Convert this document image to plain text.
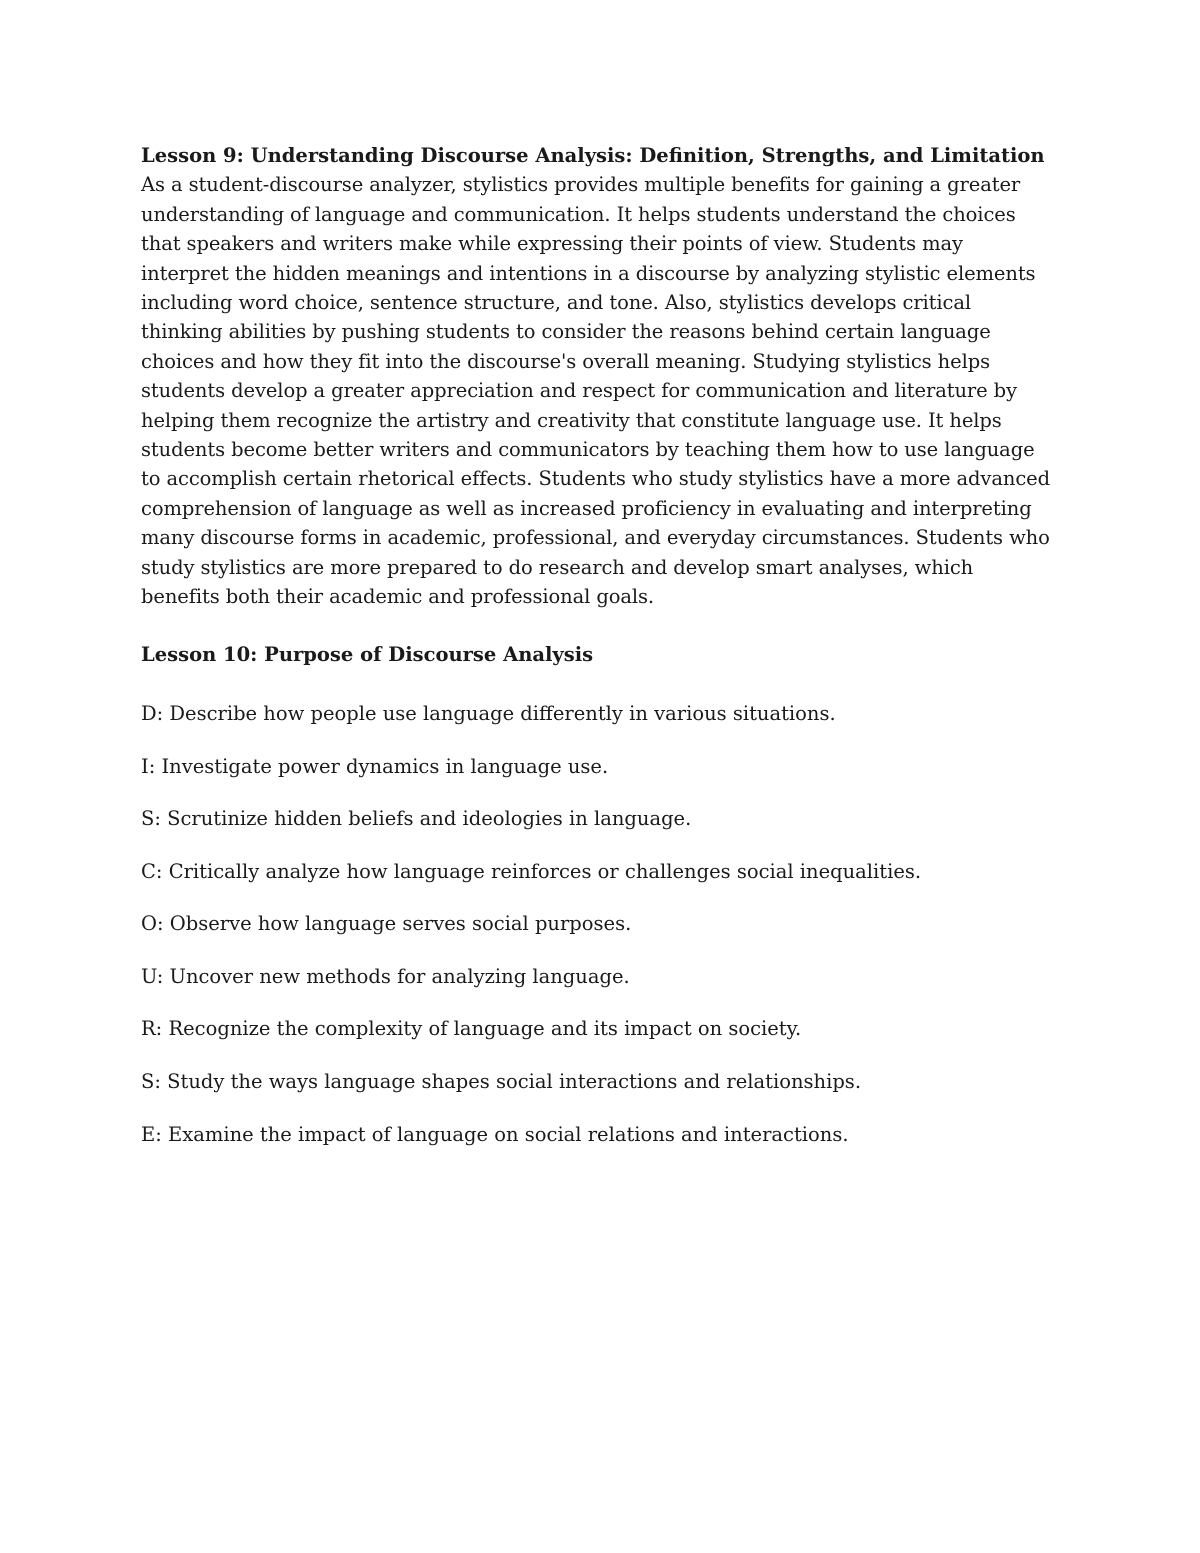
Lesson 9: Understanding Discourse Analysis: Definition, Strengths, and Limitation

As a student-discourse analyzer, stylistics provides multiple benefits for gaining a greater understanding of language and communication. It helps students understand the choices that speakers and writers make while expressing their points of view. Students may interpret the hidden meanings and intentions in a discourse by analyzing stylistic elements including word choice, sentence structure, and tone. Also, stylistics develops critical thinking abilities by pushing students to consider the reasons behind certain language choices and how they fit into the discourse's overall meaning. Studying stylistics helps students develop a greater appreciation and respect for communication and literature by helping them recognize the artistry and creativity that constitute language use. It helps students become better writers and communicators by teaching them how to use language to accomplish certain rhetorical effects. Students who study stylistics have a more advanced comprehension of language as well as increased proficiency in evaluating and interpreting many discourse forms in academic, professional, and everyday circumstances. Students who study stylistics are more prepared to do research and develop smart analyses, which benefits both their academic and professional goals.

Lesson 10: Purpose of Discourse Analysis
D: Describe how people use language differently in various situations.
I: Investigate power dynamics in language use.
S: Scrutinize hidden beliefs and ideologies in language.
C: Critically analyze how language reinforces or challenges social inequalities.
O: Observe how language serves social purposes.
U: Uncover new methods for analyzing language.
R: Recognize the complexity of language and its impact on society.
S: Study the ways language shapes social interactions and relationships.
E: Examine the impact of language on social relations and interactions.
